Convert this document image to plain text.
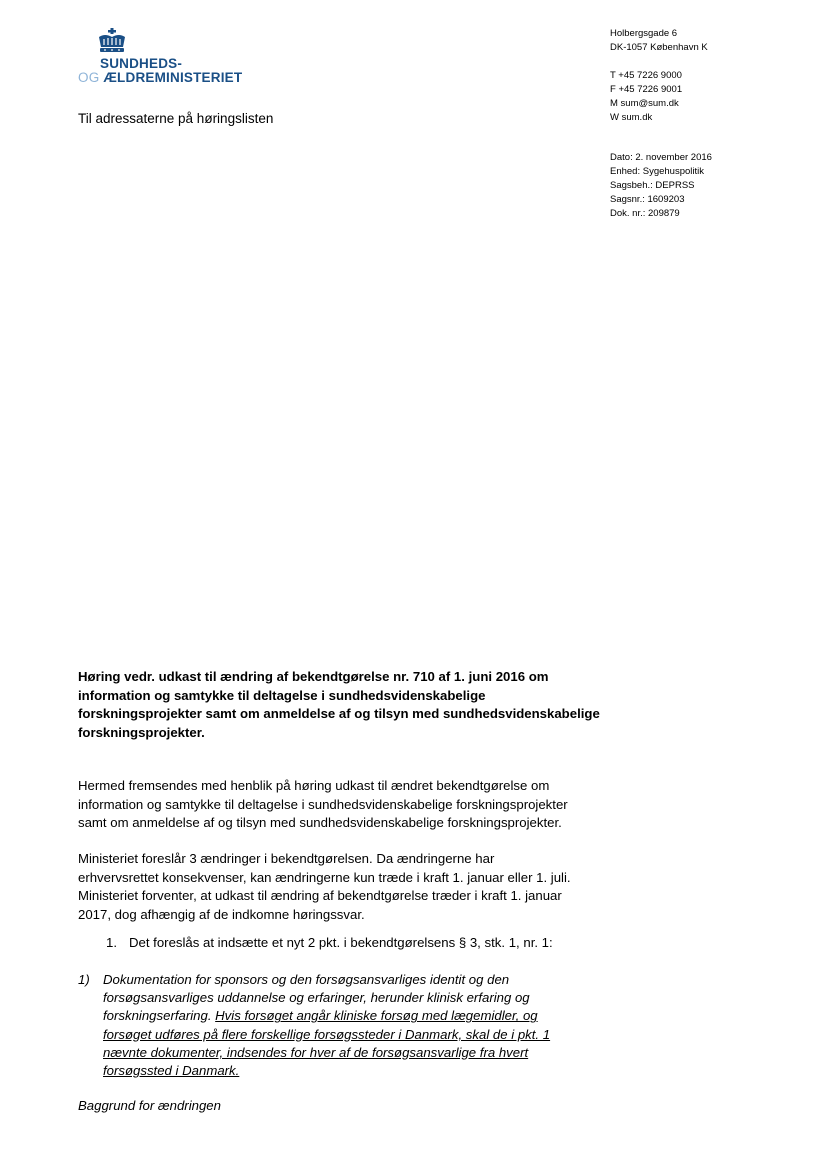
SUNDHEDS-
OG ÆLDREMINISTERIET
Til adressaterne på høringslisten
Holbergsgade 6
DK-1057 København K
T +45 7226 9000
F +45 7226 9001
M sum@sum.dk
W sum.dk
Dato: 2. november 2016
Enhed: Sygehuspolitik
Sagsbeh.: DEPRSS
Sagsnr.: 1609203
Dok. nr.: 209879
Høring vedr. udkast til ændring af bekendtgørelse nr. 710 af 1. juni 2016 om
information og samtykke til deltagelse i sundhedsvidenskabelige
forskningsprojekter samt om anmeldelse af og tilsyn med sundhedsvidenskabelige
forskningsprojekter.
Hermed fremsendes med henblik på høring udkast til ændret bekendtgørelse om
information og samtykke til deltagelse i sundhedsvidenskabelige forskningsprojekter
samt om anmeldelse af og tilsyn med sundhedsvidenskabelige forskningsprojekter.
Ministeriet foreslår 3 ændringer i bekendtgørelsen. Da ændringerne har
erhvervsrettet konsekvenser, kan ændringerne kun træde i kraft 1. januar eller 1. juli.
Ministeriet forventer, at udkast til ændring af bekendtgørelse træder i kraft 1. januar
2017, dog afhængig af de indkomne høringssvar.
1. Det foreslås at indsætte et nyt 2 pkt. i bekendtgørelsens § 3, stk. 1, nr. 1:
1) Dokumentation for sponsors og den forsøgsansvarliges identit og den
forsøgsansvarliges uddannelse og erfaringer, herunder klinisk erfaring og
forskningserfaring. Hvis forsøget angår kliniske forsøg med lægemidler, og
forsøget udføres på flere forskellige forsøgssteder i Danmark, skal de i pkt. 1
nævnte dokumenter, indsendes for hver af de forsøgsansvarlige fra hvert
forsøgssted i Danmark.
Baggrund for ændringen
